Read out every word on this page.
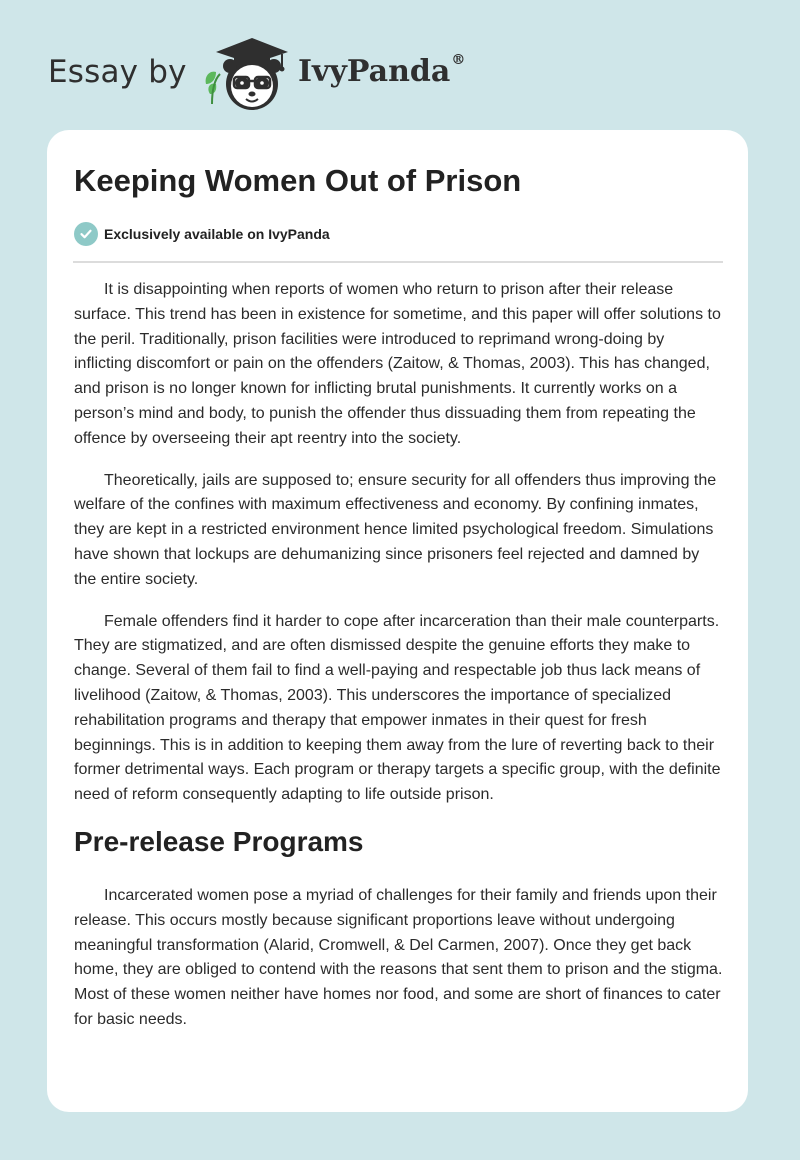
Essay by	IvyPanda®
Keeping Women Out of Prison
Exclusively available on IvyPanda

It is disappointing when reports of women who return to prison after their release surface. This trend has been in existence for sometime, and this paper will offer solutions to the peril. Traditionally, prison facilities were introduced to reprimand wrong-doing by inflicting discomfort or pain on the offenders (Zaitow, & Thomas, 2003). This has changed, and prison is no longer known for inflicting brutal punishments. It currently works on a person’s mind and body, to punish the offender thus dissuading them from repeating the offence by overseeing their apt reentry into the society.

Theoretically, jails are supposed to; ensure security for all offenders thus improving the welfare of the confines with maximum effectiveness and economy. By confining inmates, they are kept in a restricted environment hence limited psychological freedom. Simulations have shown that lockups are dehumanizing since prisoners feel rejected and damned by the entire society.

Female offenders find it harder to cope after incarceration than their male counterparts. They are stigmatized, and are often dismissed despite the genuine efforts they make to change. Several of them fail to find a well-paying and respectable job thus lack means of livelihood (Zaitow, & Thomas, 2003). This underscores the importance of specialized rehabilitation programs and therapy that empower inmates in their quest for fresh beginnings. This is in addition to keeping them away from the lure of reverting back to their former detrimental ways. Each program or therapy targets a specific group, with the definite need of reform consequently adapting to life outside prison.

Pre-release Programs

Incarcerated women pose a myriad of challenges for their family and friends upon their release. This occurs mostly because significant proportions leave without undergoing meaningful transformation (Alarid, Cromwell, & Del Carmen, 2007). Once they get back home, they are obliged to contend with the reasons that sent them to prison and the stigma. Most of these women neither have homes nor food, and some are short of finances to cater for basic needs.
